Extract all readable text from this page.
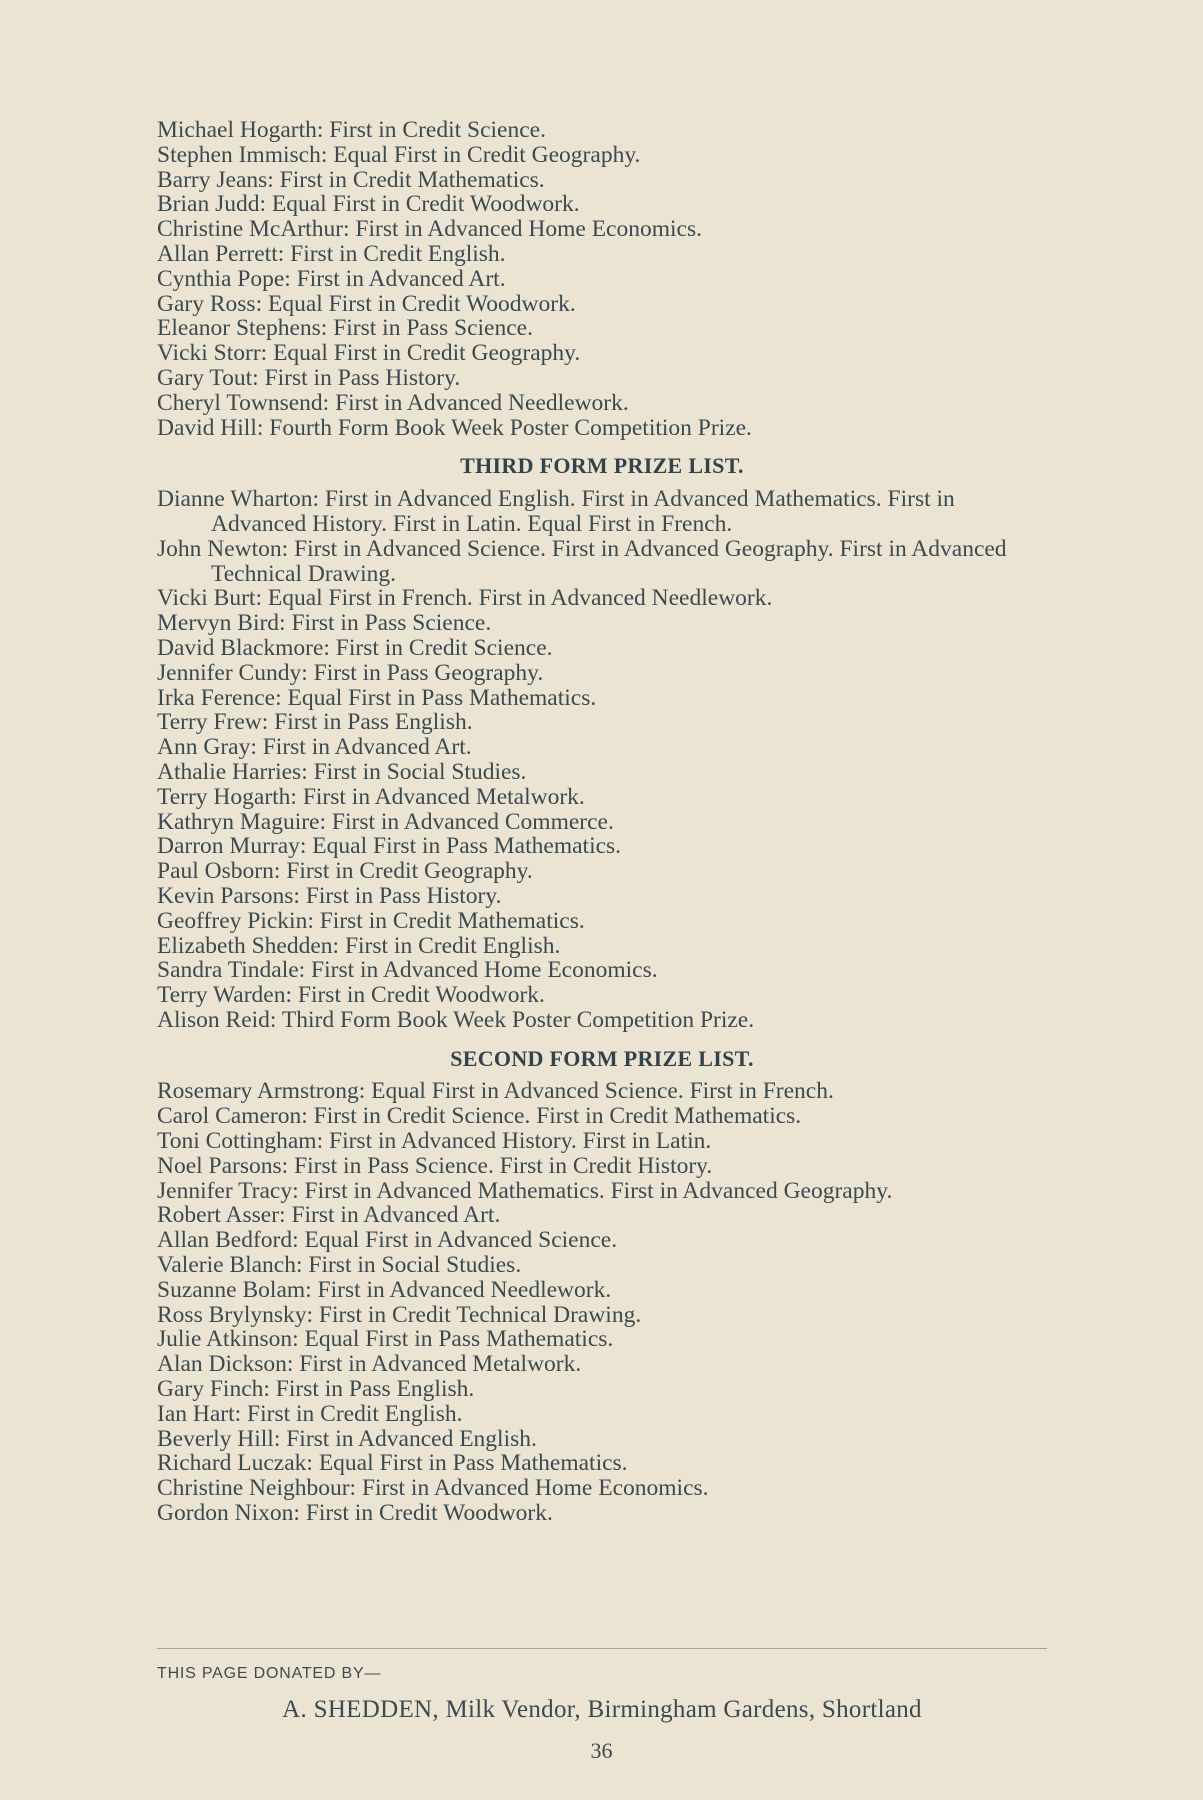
Michael Hogarth: First in Credit Science.

Stephen Immisch: Equal First in Credit Geography.

Barry Jeans: First in Credit Mathematics.

Brian Judd: Equal First in Credit Woodwork.

Christine McArthur: First in Advanced Home Economics.

Allan Perrett: First in Credit English.

Cynthia Pope: First in Advanced Art.

Gary Ross: Equal First in Credit Woodwork.

Eleanor Stephens: First in Pass Science.

Vicki Storr: Equal First in Credit Geography.

Gary Tout: First in Pass History.

Cheryl Townsend: First in Advanced Needlework.

David Hill: Fourth Form Book Week Poster Competition Prize.

THIRD FORM PRIZE LIST.

Dianne Wharton: First in Advanced English. First in Advanced Mathematics. First in Advanced History. First in Latin. Equal First in French.

John Newton: First in Advanced Science. First in Advanced Geography. First in Advanced Technical Drawing.

Vicki Burt: Equal First in French. First in Advanced Needlework.

Mervyn Bird: First in Pass Science.

David Blackmore: First in Credit Science.

Jennifer Cundy: First in Pass Geography.

Irka Ference: Equal First in Pass Mathematics.

Terry Frew: First in Pass English.

Ann Gray: First in Advanced Art.

Athalie Harries: First in Social Studies.

Terry Hogarth: First in Advanced Metalwork.

Kathryn Maguire: First in Advanced Commerce.

Darron Murray: Equal First in Pass Mathematics.

Paul Osborn: First in Credit Geography.

Kevin Parsons: First in Pass History.

Geoffrey Pickin: First in Credit Mathematics.

Elizabeth Shedden: First in Credit English.

Sandra Tindale: First in Advanced Home Economics.

Terry Warden: First in Credit Woodwork.

Alison Reid: Third Form Book Week Poster Competition Prize.

SECOND FORM PRIZE LIST.

Rosemary Armstrong: Equal First in Advanced Science. First in French.

Carol Cameron: First in Credit Science. First in Credit Mathematics.

Toni Cottingham: First in Advanced History. First in Latin.

Noel Parsons: First in Pass Science. First in Credit History.

Jennifer Tracy: First in Advanced Mathematics. First in Advanced Geography.

Robert Asser: First in Advanced Art.

Allan Bedford: Equal First in Advanced Science.

Valerie Blanch: First in Social Studies.

Suzanne Bolam: First in Advanced Needlework.

Ross Brylynsky: First in Credit Technical Drawing.

Julie Atkinson: Equal First in Pass Mathematics.

Alan Dickson: First in Advanced Metalwork.

Gary Finch: First in Pass English.

Ian Hart: First in Credit English.

Beverly Hill: First in Advanced English.

Richard Luczak: Equal First in Pass Mathematics.

Christine Neighbour: First in Advanced Home Economics.

Gordon Nixon: First in Credit Woodwork.

THIS PAGE DONATED BY—
A. SHEDDEN, Milk Vendor, Birmingham Gardens, Shortland
36
